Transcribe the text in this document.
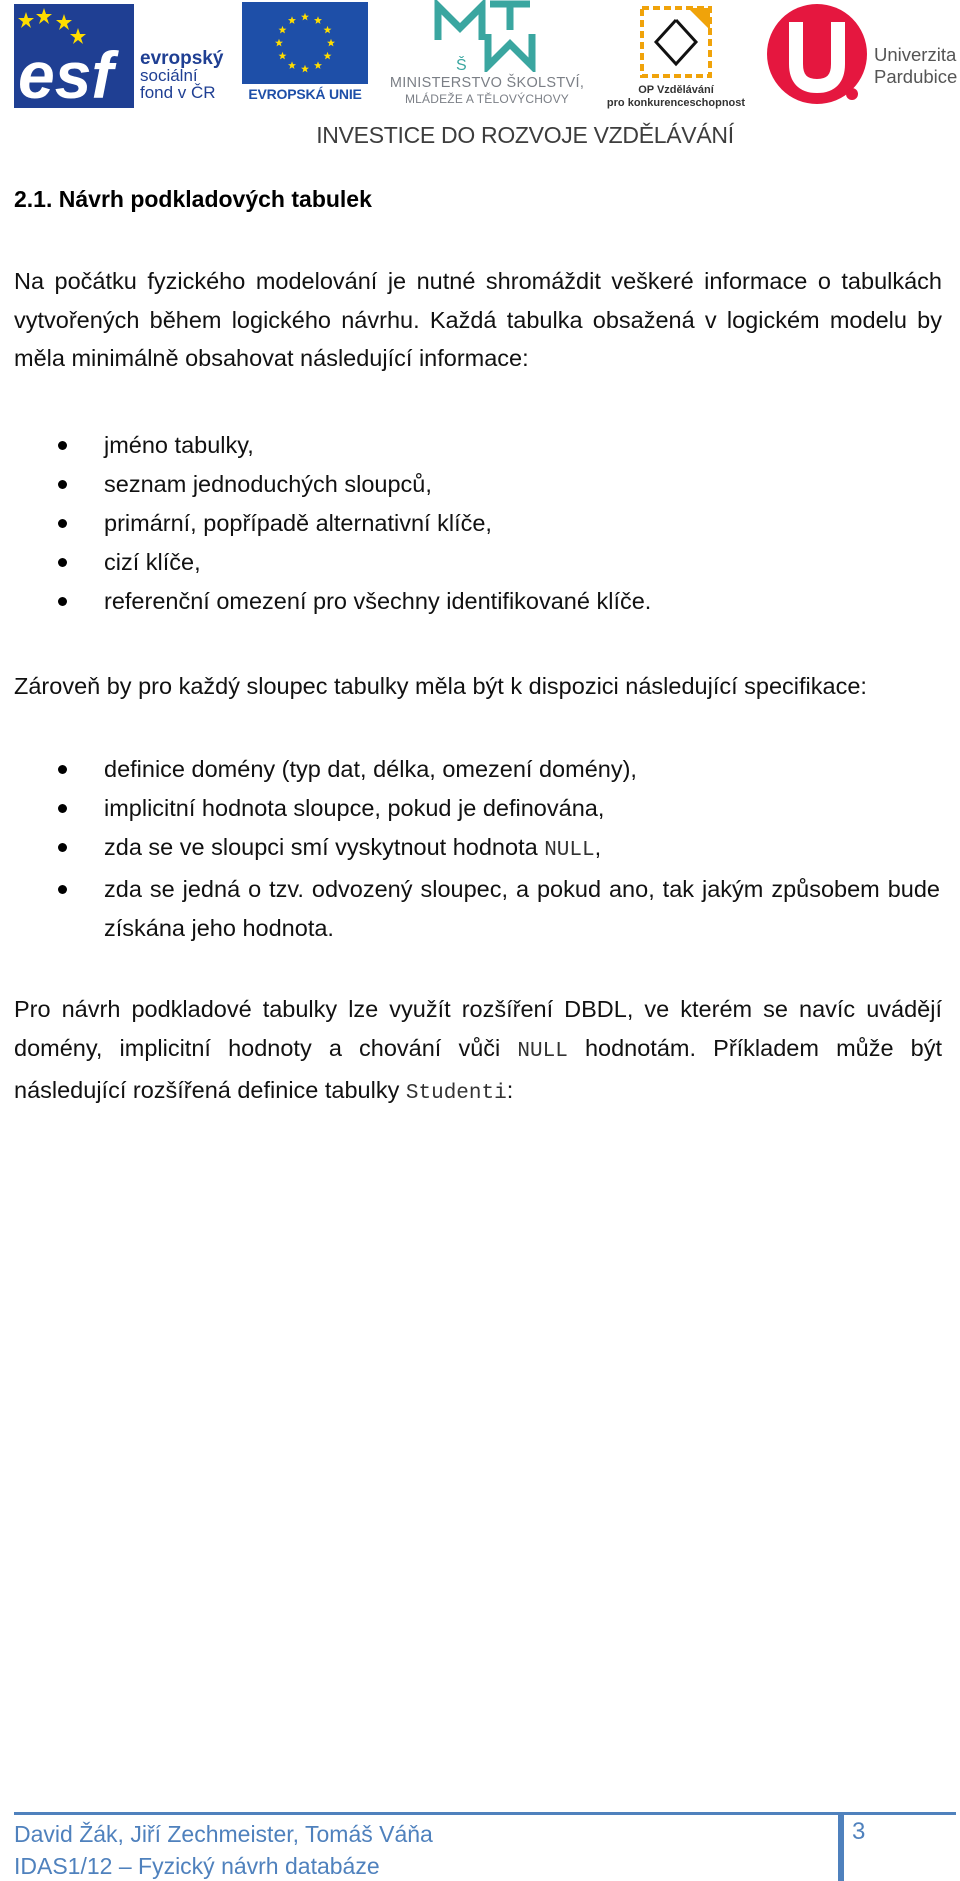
esf	evropský
sociální
fond v ČR	EVROPSKÁ UNIE
Š
MINISTERSTVO ŠKOLSTVÍ,
MLÁDEŽE A TĚLOVÝCHOVY
OP Vzdělávání
pro konkurenceschopnost
Univerzita
Pardubice
INVESTICE DO ROZVOJE VZDĚLÁVÁNÍ
2.1. Návrh podkladových tabulek

Na počátku fyzického modelování je nutné shromáždit veškeré informace o tabulkách vytvořených během logického návrhu. Každá tabulka obsažená v logickém modelu by měla minimálně obsahovat následující informace:

jméno tabulky,
seznam jednoduchých sloupců,
primární, popřípadě alternativní klíče,
cizí klíče,
referenční omezení pro všechny identifikované klíče.

Zároveň by pro každý sloupec tabulky měla být k dispozici následující specifikace:

definice domény (typ dat, délka, omezení domény),
implicitní hodnota sloupce, pokud je definována,
zda se ve sloupci smí vyskytnout hodnota NULL,
zda se jedná o tzv. odvozený sloupec, a pokud ano, tak jakým způsobem bude získána jeho hodnota.

Pro návrh podkladové tabulky lze využít rozšíření DBDL, ve kterém se navíc uvádějí domény, implicitní hodnoty a chování vůči NULL hodnotám. Příkladem může být následující rozšířená definice tabulky Studenti:

David Žák, Jiří Zechmeister, Tomáš Váňa
IDAS1/12 – Fyzický návrh databáze
3
